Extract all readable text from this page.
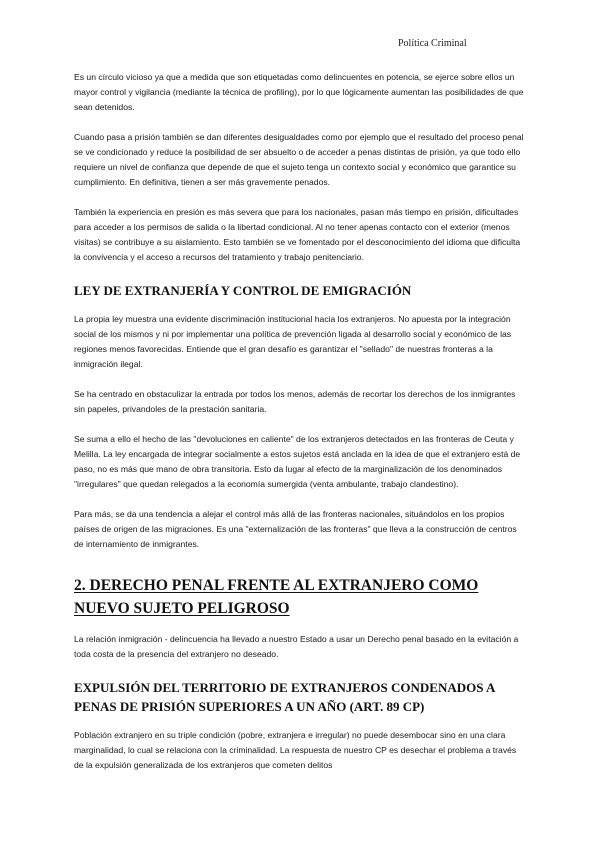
Política Criminal

Es un círculo vicioso ya que a medida que son etiquetadas como delincuentes en potencia, se ejerce sobre ellos un mayor control y vigilancia (mediante la técnica de profiling), por lo que lógicamente aumentan las posibilidades de que sean detenidos.

Cuando pasa a prisión también se dan diferentes desigualdades como por ejemplo que el resultado del proceso penal se ve condicionado y reduce la posibilidad de ser absuelto o de acceder a penas distintas de prisión, ya que todo ello requiere un nivel de confianza que depende de que el sujeto tenga un contexto social y económico que garantice su cumplimiento. En definitiva, tienen a ser más gravemente penados.

También la experiencia en presión es más severa que para los nacionales, pasan más tiempo en prisión, dificultades para acceder a los permisos de salida o la libertad condicional. Al no tener apenas contacto con el exterior (menos visitas) se contribuye a su aislamiento. Esto también se ve fomentado por el desconocimiento del idioma que dificulta la convivencia y el acceso a recursos del tratamiento y trabajo penitenciario.

LEY DE EXTRANJERÍA Y CONTROL DE EMIGRACIÓN

La propia ley muestra una evidente discriminación institucional hacia los extranjeros. No apuesta por la integración social de los mismos y ni por implementar una política de prevención ligada al desarrollo social y económico de las regiones menos favorecidas. Entiende que el gran desafío es garantizar el "sellado" de nuestras fronteras a la inmigración ilegal.

Se ha centrado en obstaculizar la entrada por todos los menos, además de recortar los derechos de los inmigrantes sin papeles, privandoles de la prestación sanitaria.

Se suma a ello el hecho de las "devoluciones en caliente" de los extranjeros detectados en las fronteras de Ceuta y Melilla. La ley encargada de integrar socialmente a estos sujetos está anclada en la idea de que el extranjero está de paso, no es más que mano de obra transitoria. Esto da lugar al efecto de la marginalización de los denominados "irregulares" que quedan relegados a la economía sumergida (venta ambulante, trabajo clandestino).

Para más, se da una tendencia a alejar el control más allá de las fronteras nacionales, situándolos en los propios países de origen de las migraciones. Es una "externalización de las fronteras" que lleva a la construcción de centros de internamiento de inmigrantes.

2. DERECHO PENAL FRENTE AL EXTRANJERO COMO NUEVO SUJETO PELIGROSO

La relación inmigración - delincuencia ha llevado a nuestro Estado a usar un Derecho penal basado en la evitación a toda costa de la presencia del extranjero no deseado.

EXPULSIÓN DEL TERRITORIO DE EXTRANJEROS CONDENADOS A PENAS DE PRISIÓN SUPERIORES A UN AÑO (ART. 89 CP)

Población extranjero en su triple condición (pobre, extranjera e irregular) no puede desembocar sino en una clara marginalidad, lo cual se relaciona con la criminalidad. La respuesta de nuestro CP es desechar el problema a través de la expulsión generalizada de los extranjeros que cometen delitos
